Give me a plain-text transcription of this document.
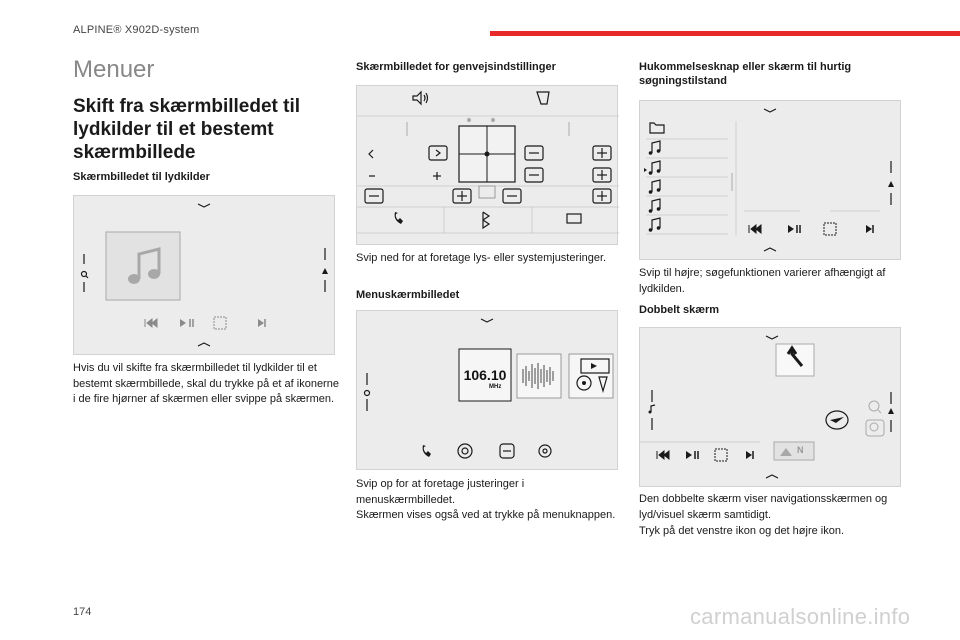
ALPINE® X902D-system
Menuer
Skift fra skærmbilledet til lydkilder til et bestemt skærmbillede
Skærmbilledet til lydkilder
Hvis du vil skifte fra skærmbilledet til lydkilder til et bestemt skærmbillede, skal du trykke på et af ikonerne i de fire hjørner af skærmen eller svippe på skærmen.
Skærmbilledet for genvejsindstillinger
Svip ned for at foretage lys- eller systemjusteringer.
Menuskærmbilledet
106.10
MHz
Svip op for at foretage justeringer i menuskærmbilledet.
Skærmen vises også ved at trykke på menuknappen.
Hukommelsesknap eller skærm til hurtig søgningstilstand
Svip til højre; søgefunktionen varierer afhængigt af lydkilden.
Dobbelt skærm
N
Den dobbelte skærm viser navigationsskærmen og lyd/visuel skærm samtidigt.
Tryk på det venstre ikon og det højre ikon.
174	carmanualsonline.info
